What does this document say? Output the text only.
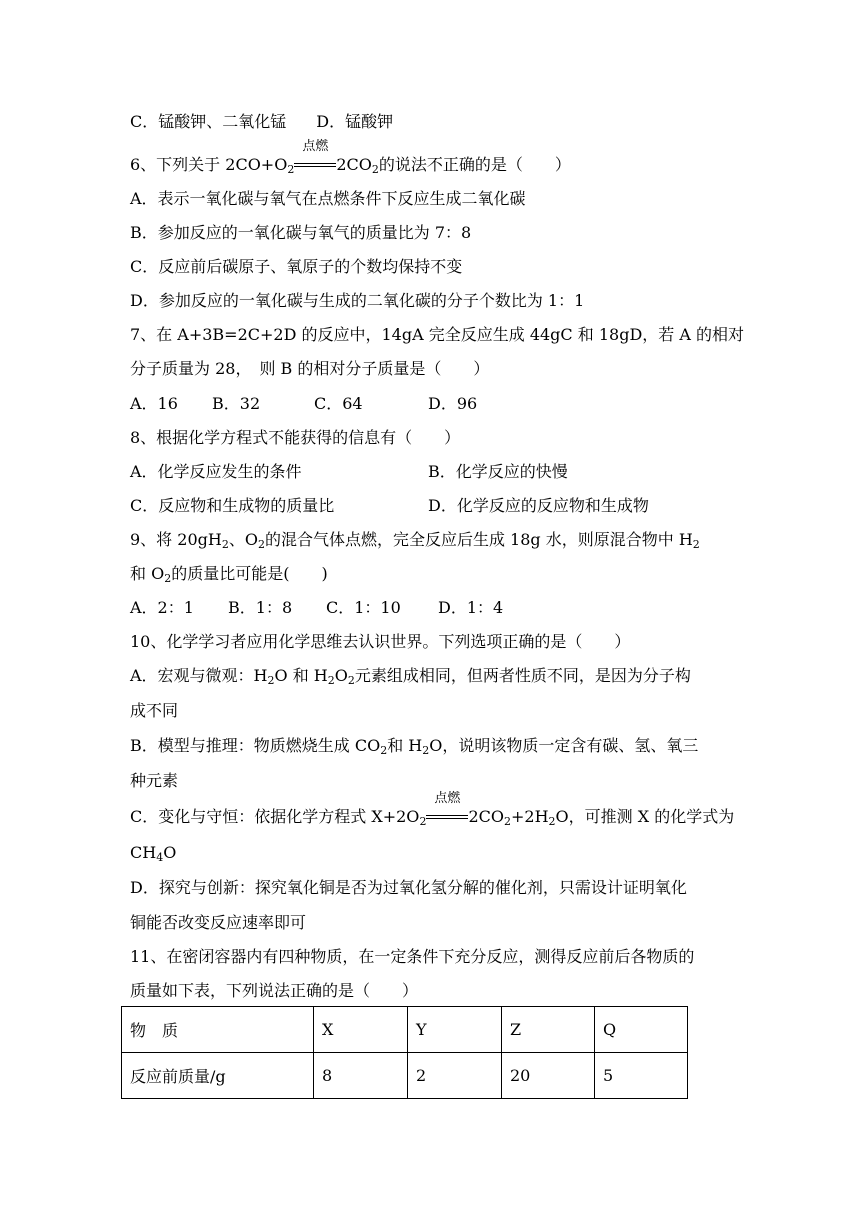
C．锰酸钾、二氧化锰 D．锰酸钾
6、下列关于 $2CO+O_2$
点燃
$2CO_2$的说法不正确的是（　　）
A．表示一氧化碳与氧气在点燃条件下反应生成二氧化碳
B．参加反应的一氧化碳与氧气的质量比为 7：8
C．反应前后碳原子、氧原子的个数均保持不变
D．参加反应的一氧化碳与生成的二氧化碳的分子个数比为 1：1
7、在 A+3B=2C+2D 的反应中，14gA 完全反应生成 44gC 和 18gD，若 A 的相对
分子质量为 28，　则 B 的相对分子质量是（　　）
A．16 B．32	C．64	D．96
8、根据化学方程式不能获得的信息有（　　）
A．化学反应发生的条件	B．化学反应的快慢
C．反应物和生成物的质量比	D．化学反应的反应物和生成物
9、将 $20gH_2$、$O_2$的混合气体点燃，完全反应后生成 18g 水，则原混合物中 $H_2$
和 $O_2$的质量比可能是(　　)
A．2：1 B．1：8 C．1：10 D．1：4
10、化学学习者应用化学思维去认识世界。下列选项正确的是（　　）
A．宏观与微观：$H_2O$ 和 $H_2O_2$元素组成相同，但两者性质不同，是因为分子构
成不同
B．模型与推理：物质燃烧生成 $CO_2$和 $H_2O$，说明该物质一定含有碳、氢、氧三
种元素
C．变化与守恒：依据化学方程式 $X+2O_2$
点燃
$2CO_2+2H_2O$，可推测 X 的化学式为
$CH_4O$
D．探究与创新：探究氧化铜是否为过氧化氢分解的催化剂，只需设计证明氧化
铜能否改变反应速率即可
11、在密闭容器内有四种物质，在一定条件下充分反应，测得反应前后各物质的
质量如下表，下列说法正确的是（　　）
物　质	X	Y	Z	Q
反应前质量/g	8	2	20	5
